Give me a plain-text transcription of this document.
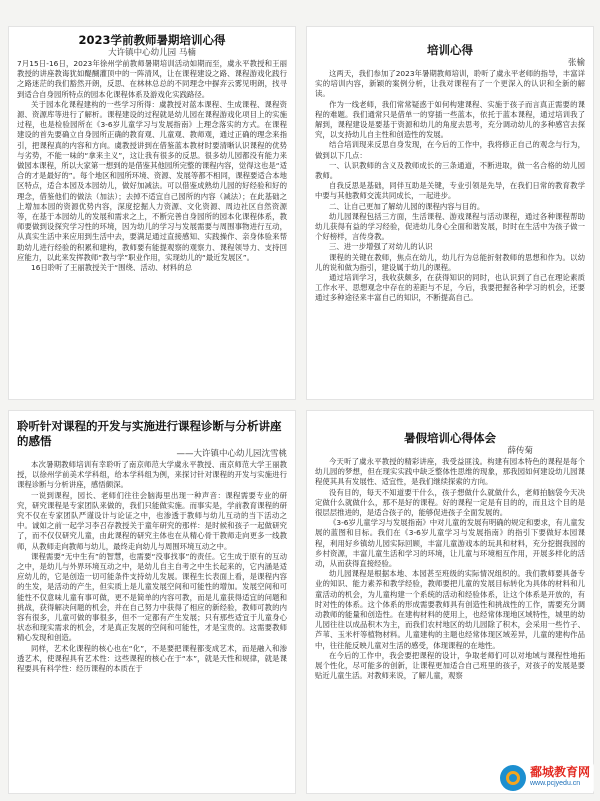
2023学前教师暑期培训心得
大许镇中心幼儿园 马楠

7月15日-16日，2023年徐州学前教师暑期培训活动如期而至，虞永平教授和王丽教授的讲座教诲犹如醍醐灌顶中的一阵清风，让在课程建设之路、课程游戏化践行之路迷茫的我们豁然开朗，反思、在林林总总的不同理念中摒弃云雾见明朗，找寻到适合自身园所特点的园本化课程体系及游戏化实践路径。

关于园本化课程建构的一些学习所得：虞教授对蓝本课程、生成课程、课程资源、资源库等进行了解析。课程建设的过程就是幼儿园在课程游戏化项目上的实施过程，也是检验园所在《3-6岁儿童学习与发展指南》上理念落实的方式。在课程建设的首先要确立自身园所正确的教育观、儿童观、教师观，通过正确的理念来指引，把课程真的内容和方向。虞教授讲到在借鉴蓝本教材时要清晰认识课程的优势与劣势，不能一味的“拿来主义”，这让我有很多的反思。很多幼儿园都没有能力来做园本课程，所以大家第一想到的是借鉴其他园所完整的课程内容，觉得这也是“适合的才是最好的”。每个地区和园所环境、资源、发展等都不相同，课程要适合本地区特点，适合本园及本园幼儿，做好加减法。可以借鉴成熟幼儿园的好经验和好的理念，借鉴他们的做法（加法）；去掉不适宜自己园所的内容（减法）；在此基础之上增加本园的资源优势内容，深度挖掘人力资源、文化资源、周边社区自然资源等，在基于本园幼儿的发展和需求之上，不断完善自身园所的园本化课程体系，教师要做到设探究学习性的环境，因为幼儿的学习与发展需要与周围事物进行互动，从真实生活中来应用到生活中去，要满足通过直接感知、实践操作、亲身体验来帮助幼儿进行经验的积累和建构，教师要有能提观察的观察力、课程领导力、支持回应能力，以此来发挥教师“教与学”职业作用，实现幼儿的“最近发展区”。

16日聆听了王丽教授关于“围绕、活动、材料的总

培训心得
张榆

这两天，我们参加了2023年暑期教师培训，聆听了虞永平老师的指导，丰富详实的培训内容，新颖的案例分析，让我对课程有了一个更深入的认识和全新的解读。

作为一线老师，我们常常疑惑于如何构建课程、实施于孩子而言真正需要的课程的难题。我们通常只是借单一的穿插一些蓝本，依托于蓝本课程，通过培训我了解到，课程建设是要基于资源和幼儿的角度去思考，充分调动幼儿的多种感官去探究，以支持幼儿自主性和创造性的发展。

结合培训现来反思自身发现，在今后的工作中，我将修正自己的观念与行为，做到以下几点：

一、认识教师的含义及教师成长的三条通道，不断进取，做一名合格的幼儿园教师。

自我反思是基础，同伴互助是关键，专业引领是先导，在我们日常的教育教学中要与其他教师交流共同成长，一起进步。

二、让自己更加了解幼儿园的课程内容与目的。

幼儿园课程包括三方面，生活课程、游戏课程与活动课程，通过各种课程帮助幼儿获得有益的学习经验，促进幼儿身心全面和谐发展，时时在生活中为孩子做一个好榜样，言传身教。

三、进一步增强了对幼儿的认识

课程的关键在教师，焦点在幼儿，幼儿行为总能折射教师的思想和作为。以幼儿的说和做为指引，建设属于幼儿的课程。

通过培训学习，我收获颇多，在获得知识的同时，也认识到了自己在理论素质工作水平、思想观念中存在的差距与不足，今后，我要把握各种学习的机会，还要通过多种途径来丰富自己的知识，不断提高自己。

聆听针对课程的开发与实施进行课程诊断与分析讲座的感悟
——大许镇中心幼儿园沈雪桃

本次暑期教师培训有幸聆听了南京师范大学虞永平教授、南京师范大学王丽教授，以徐州学前美术学科组，给本学科组为例，来探讨针对课程的开发与实施进行课程诊断与分析讲座，感悟颇深。

一说到课程，园长、老师们往往会脑海里出现一种声音：课程需要专业的研究，研究课程是专家团队来做的，我们只能做实施。而事实是，学前教育课程的研究不仅在专家团队严谨设计与论证之中，也渗透于教师与幼儿互动的当下活动之中。诚如之前一起学习李召存教授关于童年研究的那样：是时候和孩子一起做研究了，而不仅仅研究儿童，由此课程的研究主体也在从精心骨干教师走向更多一线教师，从教师走向教师与幼儿，最终走向幼儿与周围环境互动之中。

课程需要“无中生有”的智慧，也需要“没事找事”的责任。它生成于原有的互动之中，是幼儿与外界环境互动之中，是幼儿自主自考之中生长起来的，它内涵是适应幼儿的，它是创造一切可能条件支持幼儿发展。课程生长表面上看，是课程内容的生发，是活动的产生，但实质上是儿童发展空间和可能性的增加。发展空间和可能性不仅意味儿童有事可做，更不是简单的内容可教，而是儿童获得适宜的问题和挑战，获得解决问题的机会，并在自己努力中获得了相应的新经验，教师可教的内容有很多，儿童可做的事很多，但不一定都有产生发展；只有那些适宜于儿童身心状态和现实需求的机会，才是真正发展的空间和可能性，才是宝贵的。这需要教师精心发现和创造。

同样，艺术化课程的核心也在“化”，不是要把课程都变成艺术，而是融入和渗透艺术，使课程具有艺术性：这些课程的核心在于“本”，就是天性和规律，就是课程要具有科学性：经历课程的本质在于

暑假培训心得体会
薛传菊

今天听了虞永平教授的精彩讲座，我受益匪浅。构建有园本特色的课程是每个幼儿园的梦想，但在现实实践中缺乏整体性思维的现象，那我园如何建设幼儿园课程使其具有发展性、适宜性，是我们继续探索的方向。

没有目的，每天不知道要干什么，孩子想做什么就做什么，老师拍脑袋今天决定做什么就做什么，那不是好的课程。好的课程一定是有目的的，而且这个目的是很层层推进的，是适合孩子的，能够促进孩子全面发展的。

《3-6岁儿童学习与发展指南》中对儿童的发展有明确的规定和要求，有儿童发展的蓝图和目标。我们在《3-6岁儿童学习与发展指南》的指引下要做好本园课程，利用好乡镇幼儿园实际回顾，丰富儿童游戏本的玩具和材料，充分挖掘我园的乡村资源，丰富儿童生活和学习的环境，让儿童与环境相互作用，开展多样化的活动，从而获得直接经验。

幼儿园课程是根据本地、本园甚至班级的实际情况组织的。我们教师要具备专业的知识、能力素养和教学经验，教师要把儿童的发展目标转化为具体的材料和儿童活动的机会，为儿童构建一个系统的活动和经验体系，让这个体系是开放的，有时对性的体系。这个体系的形成需要教师具有创造性和挑战性的工作，需要充分调动教师的能量和创造性。在建构材料的使用上，也经常体现地区域特性，城里的幼儿园往往以成品积木为主，而我们农村地区的幼儿园除了积木，会采用一些竹子、芦苇、玉米杆等植物材料。儿童建构的主题也经常体现区域差异，儿童的建构作品中，往往能反映儿童对生活的感受，体现课程的在地性。

在今后的工作中，我会要把课程的设计，争取老师们可以对地域与课程性地拓展个性化，尽可能多的创新，让课程更加适合自己班里的孩子，对孩子的发展是要贴近儿童生活。对教师来说，了解儿童，观察

鄱城教育网
www.pcjyedu.cn
